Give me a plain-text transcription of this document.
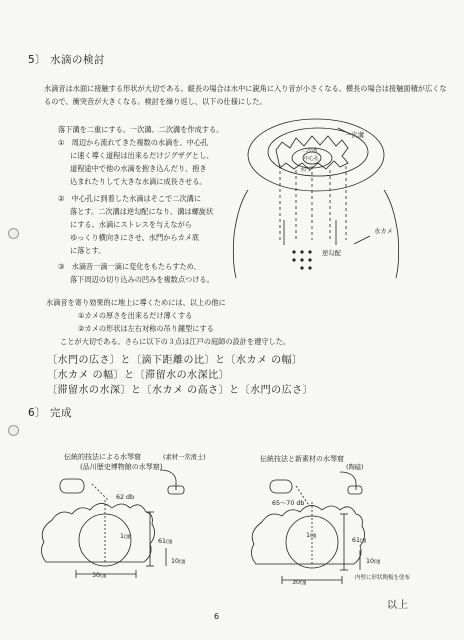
5〕 水滴の検討
水滴音は水面に接触する形状が大切である。縦長の場合は水中に鋭角に入り音が小さくなる。横長の場合は接触面積が広くなるので、衝突音が大きくなる。検討を繰り返し、以下の仕様にした。
落下溝を二重にする。一次溝、二次溝を作成する。
①　周辺から流れてきた複数の水滴を、中心孔
に速く導く道程は出来るだけジグザグとし、
道程途中で他の水滴を抱き込んだり、抱き
込まれたりして大きな水滴に成長させる。
②　中心孔に到着した水滴はそこで二次溝に
落とす。二次溝は逆勾配になり、溝は螺旋状
にする。水滴にストレスを与えながら
ゆっくり横向きにさせ、水門からカメ底
に落とす。
③　水滴音一滴一滴に変化をもたらすため、
落下周辺の切り込みの凹みを複数点つける。
水滴音を寄り効果的に地上に導くためには、以上の他に
①カメの厚さを出来るだけ薄くする
②カメの形状は左右対称の吊り鐘型にする
ことが大切である。さらに以下の３点は江戸の庭師の設計を遵守した。
〔水門の広さ〕と〔滴下距離の比〕と〔水カメ の幅〕
〔水カメ の幅〕と〔滞留水の水深比〕
〔滞留水の水深〕と〔水カメ の高さ〕と〔水門の広さ〕
一次溝
二次溝
中心孔
水門
水カメ
逆勾配
6〕 完成
伝統的技法による水琴窟	(素材一常滑土)
(品川歴史博物館の水琴窟)
62 db
1㎝
61㎝
10㎝
30㎝
伝統技法と新素材の水琴窟
(陶磁)
65～70 db
1㎝
61㎝
10㎝
30㎝
内壁に形状陶板を塗布
以上
6
